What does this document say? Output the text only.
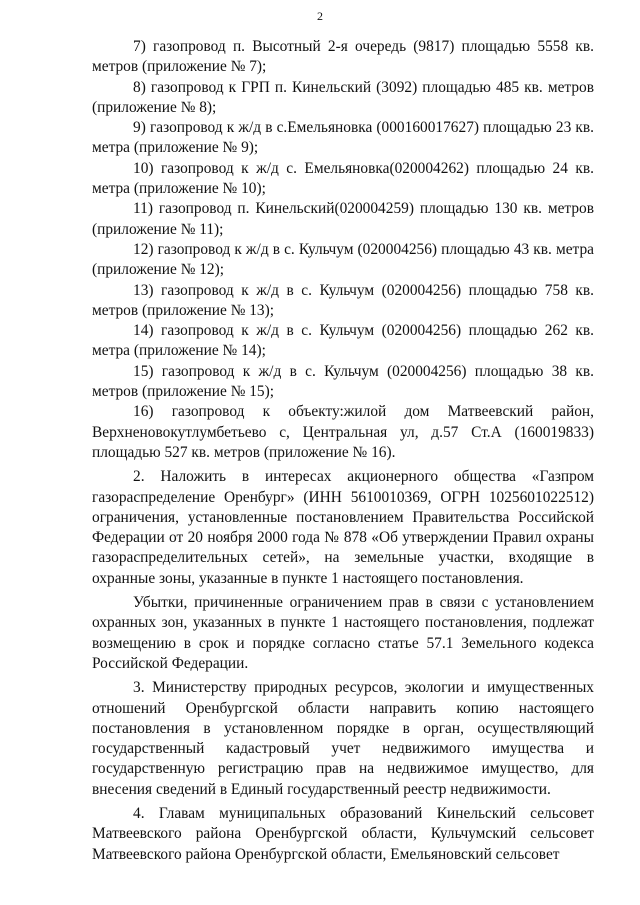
2

7) газопровод п. Высотный 2-я очередь (9817) площадью 5558 кв. метров (приложение № 7);

8) газопровод к ГРП п. Кинельский (3092) площадью 485 кв. метров (приложение № 8);

9) газопровод к ж/д в с.Емельяновка (000160017627) площадью 23 кв. метра (приложение № 9);

10) газопровод к ж/д с. Емельяновка(020004262) площадью 24 кв. метра (приложение № 10);

11) газопровод п. Кинельский(020004259) площадью 130 кв. метров (приложение № 11);

12) газопровод к ж/д в с. Кульчум (020004256) площадью 43 кв. метра (приложение № 12);

13) газопровод к ж/д в с. Кульчум (020004256) площадью 758 кв. метров (приложение № 13);

14) газопровод к ж/д в с. Кульчум (020004256) площадью 262 кв. метра (приложение № 14);

15) газопровод к ж/д в с. Кульчум (020004256) площадью 38 кв. метров (приложение № 15);

16) газопровод к объекту:жилой дом Матвеевский район, Верхненовокутлумбетьево с, Центральная ул, д.57 Ст.А (160019833) площадью 527 кв. метров (приложение № 16).

2. Наложить в интересах акционерного общества «Газпром газораспределение Оренбург» (ИНН 5610010369, ОГРН 1025601022512) ограничения, установленные постановлением Правительства Российской Федерации от 20 ноября 2000 года № 878 «Об утверждении Правил охраны газораспределительных сетей», на земельные участки, входящие в охранные зоны, указанные в пункте 1 настоящего постановления.

Убытки, причиненные ограничением прав в связи с установлением охранных зон, указанных в пункте 1 настоящего постановления, подлежат возмещению в срок и порядке согласно статье 57.1 Земельного кодекса Российской Федерации.

3. Министерству природных ресурсов, экологии и имущественных отношений Оренбургской области направить копию настоящего постановления в установленном порядке в орган, осуществляющий государственный кадастровый учет недвижимого имущества и государственную регистрацию прав на недвижимое имущество, для внесения сведений в Единый государственный реестр недвижимости.

4. Главам муниципальных образований Кинельский сельсовет Матвеевского района Оренбургской области, Кульчумский сельсовет Матвеевского района Оренбургской области, Емельяновский сельсовет
